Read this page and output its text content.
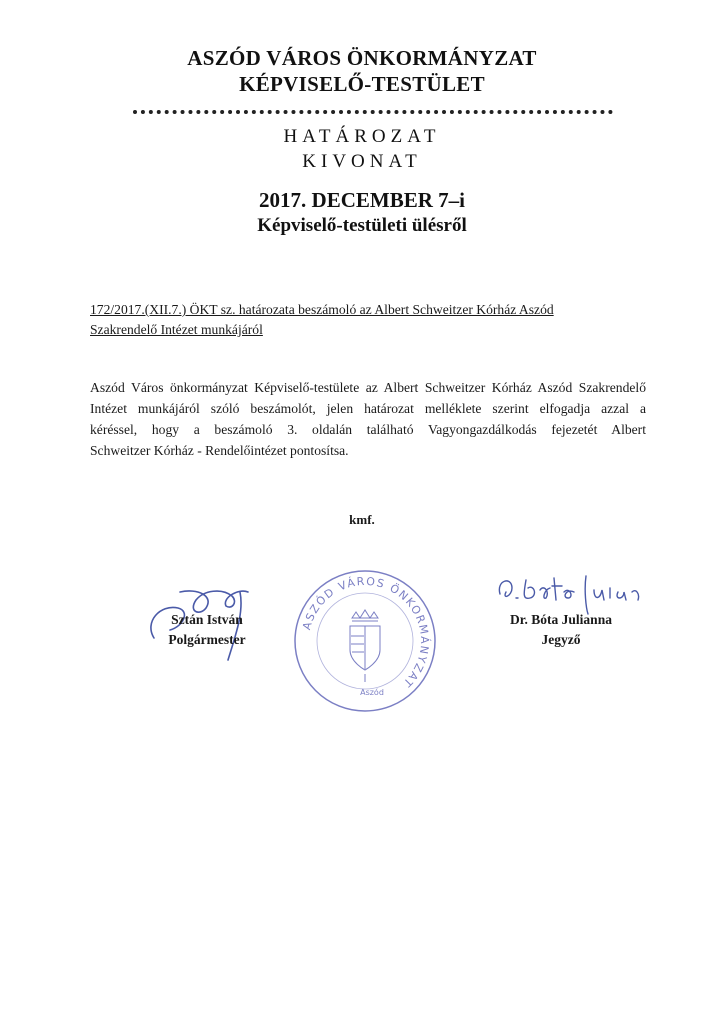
ASZÓD VÁROS ÖNKORMÁNYZAT
KÉPVISELŐ-TESTÜLET
HATÁROZAT
KIVONAT
2017. DECEMBER 7–i
Képviselő-testületi ülésről
172/2017.(XII.7.) ÖKT sz. határozata beszámoló az Albert Schweitzer Kórház Aszód
Szakrendelő Intézet munkájáról
Aszód Város önkormányzat Képviselő-testülete az Albert Schweitzer Kórház Aszód Szakrendelő
Intézet munkájáról szóló beszámolót, jelen határozat melléklete szerint elfogadja azzal a
kéréssel, hogy a beszámoló 3. oldalán található Vagyongazdálkodás fejezetét Albert
Schweitzer Kórház - Rendelőintézet pontosítsa.
kmf.
Sztán István
Polgármester
ASZÓD VÁROS ÖNKORMÁNYZAT
Aszód
Dr. Bóta Julianna
Jegyző
